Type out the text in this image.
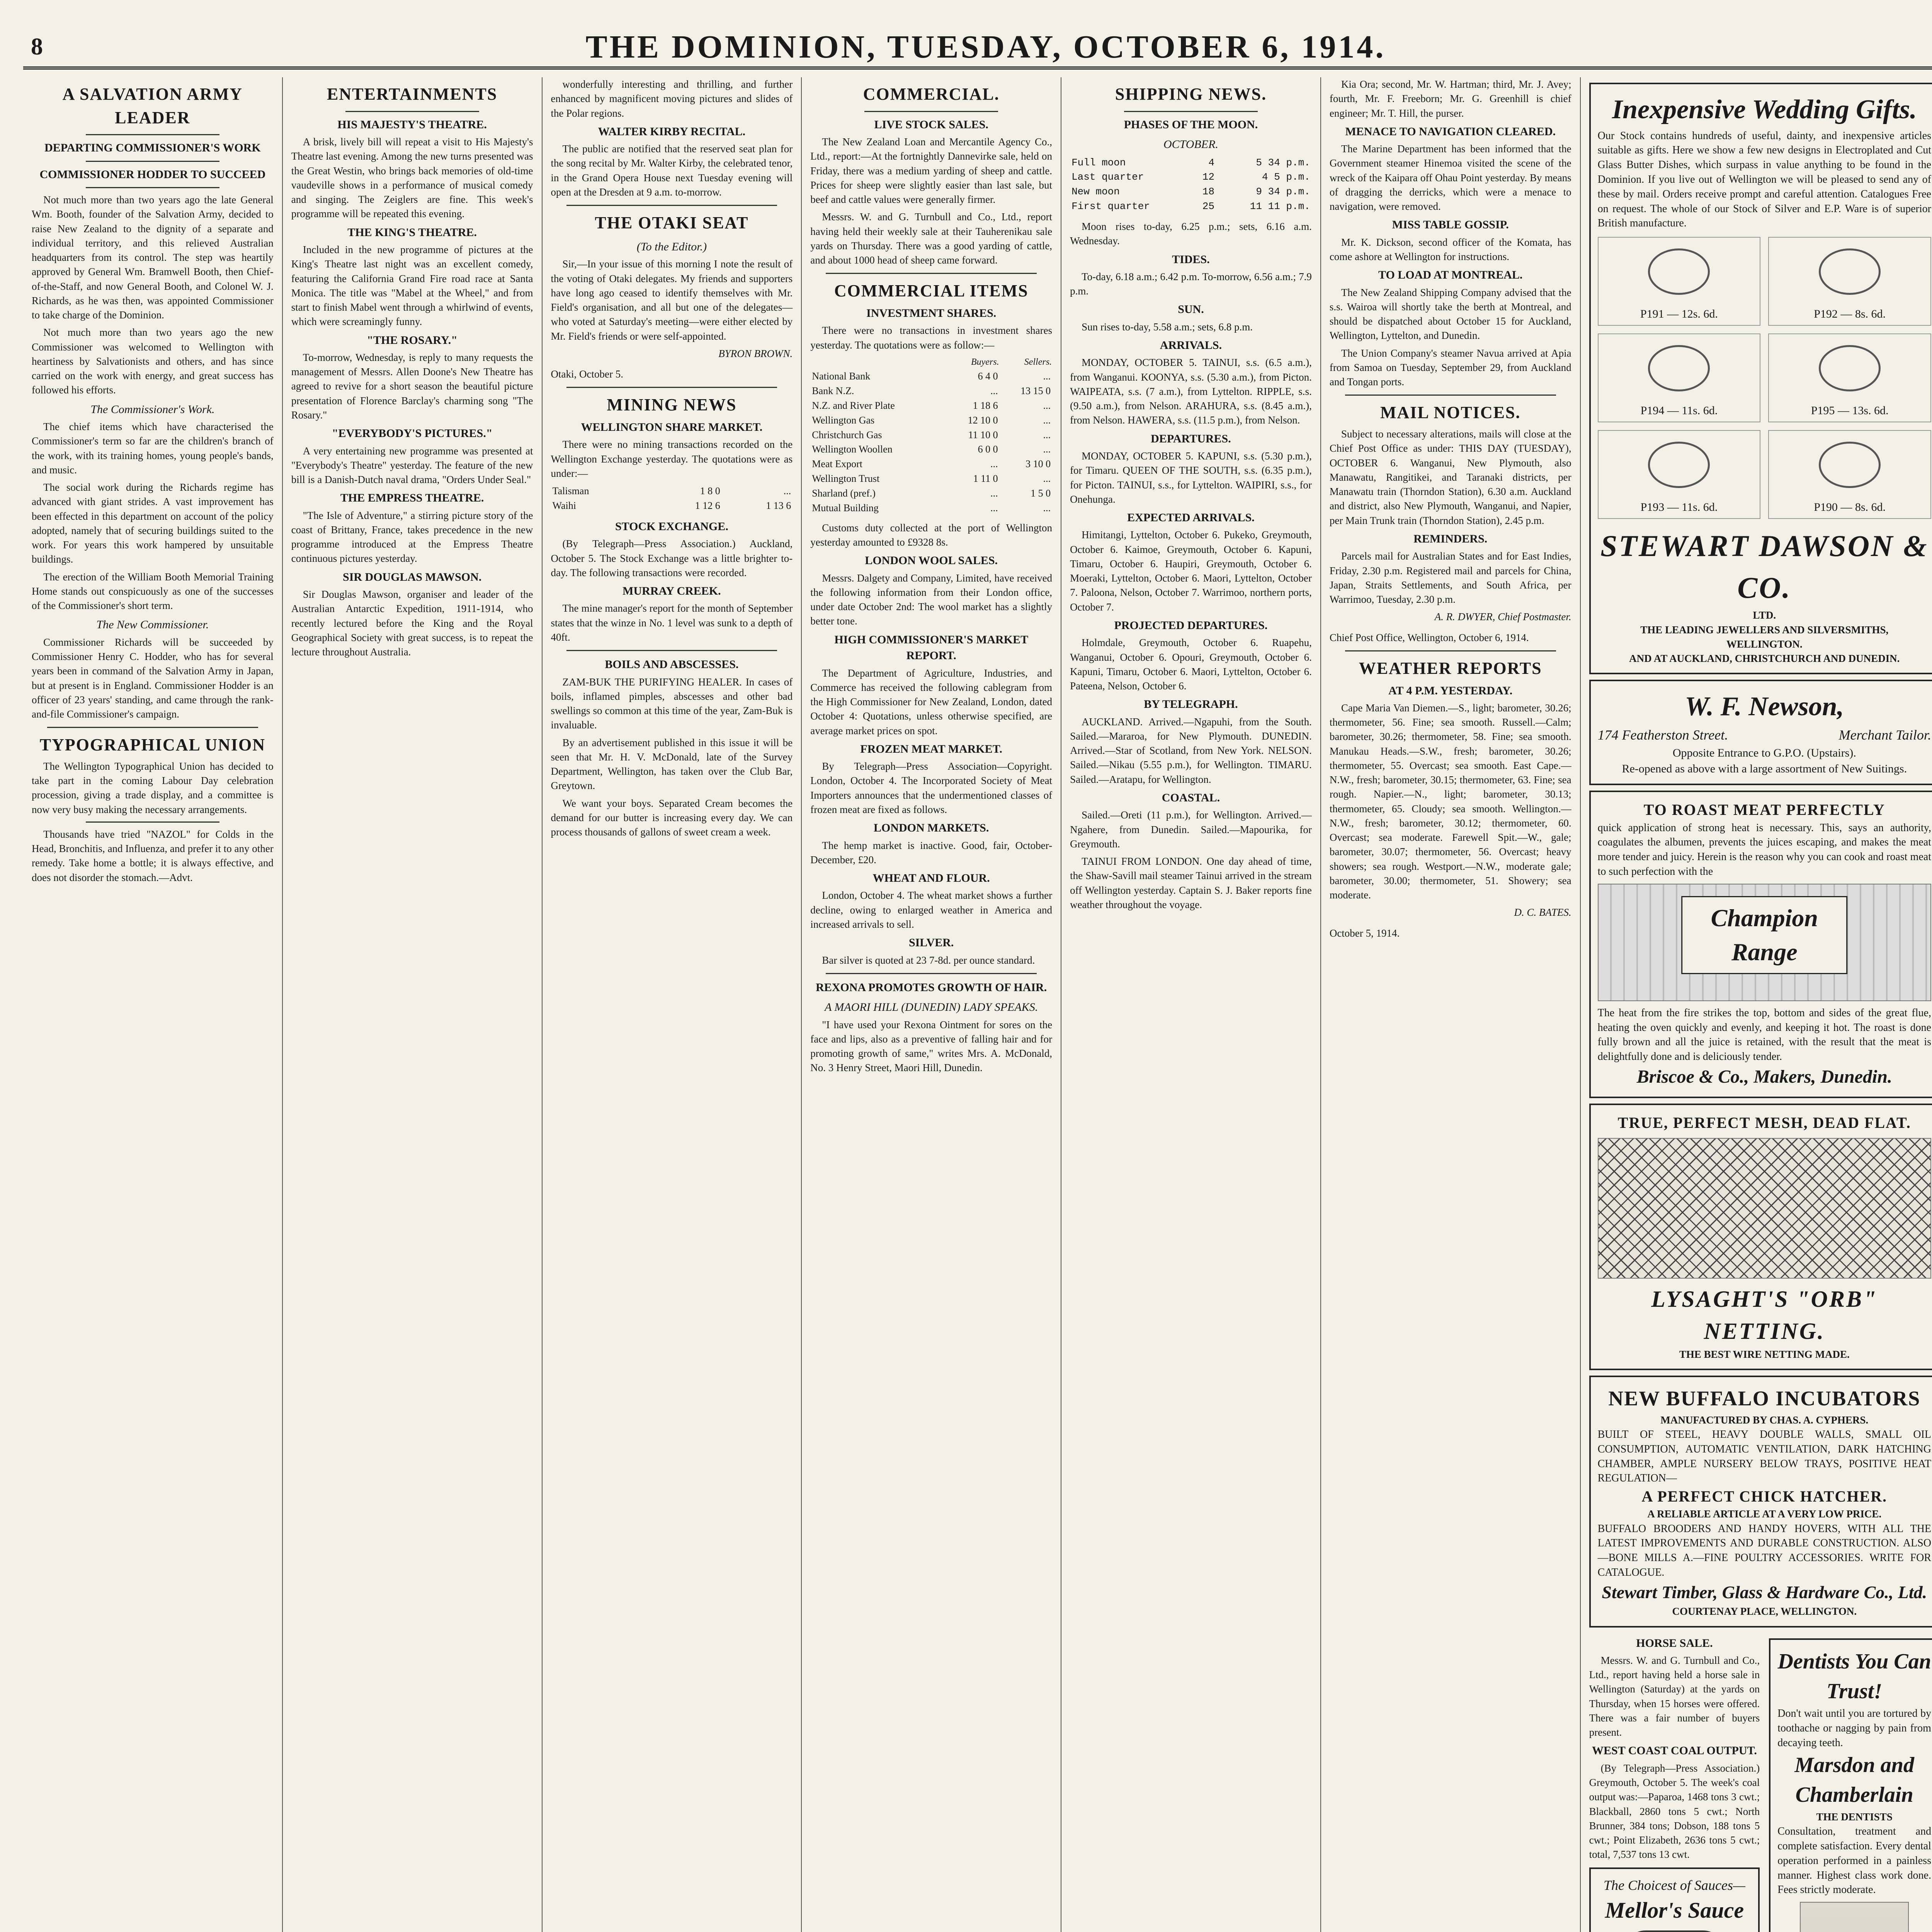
8	THE DOMINION, TUESDAY, OCTOBER 6, 1914.
A SALVATION ARMY LEADER
DEPARTING COMMISSIONER'S WORK
COMMISSIONER HODDER TO SUCCEED

Not much more than two years ago the late General Wm. Booth, founder of the Salvation Army, decided to raise New Zealand to the dignity of a separate and individual territory, and this relieved Australian headquarters from its control. The step was heartily approved by General Wm. Bramwell Booth, then Chief-of-the-Staff, and now General Booth, and Colonel W. J. Richards, as he was then, was appointed Commissioner to take charge of the Dominion.

Not much more than two years ago the new Commissioner was welcomed to Wellington with heartiness by Salvationists and others, and has since carried on the work with energy, and great success has followed his efforts.

The Commissioner's Work.

The chief items which have characterised the Commissioner's term so far are the children's branch of the work, with its training homes, young people's bands, and music.

The social work during the Richards regime has advanced with giant strides. A vast improvement has been effected in this department on account of the policy adopted, namely that of securing buildings suited to the work. For years this work hampered by unsuitable buildings.

The erection of the William Booth Memorial Training Home stands out conspicuously as one of the successes of the Commissioner's short term.

The New Commissioner.

Commissioner Richards will be succeeded by Commissioner Henry C. Hodder, who has for several years been in command of the Salvation Army in Japan, but at present is in England. Commissioner Hodder is an officer of 23 years' standing, and came through the rank-and-file Commissioner's campaign.

TYPOGRAPHICAL UNION

The Wellington Typographical Union has decided to take part in the coming Labour Day celebration procession, giving a trade display, and a committee is now very busy making the necessary arrangements.

Thousands have tried "NAZOL" for Colds in the Head, Bronchitis, and Influenza, and prefer it to any other remedy. Take home a bottle; it is always effective, and does not disorder the stomach.—Advt.

ENTERTAINMENTS
HIS MAJESTY'S THEATRE.

A brisk, lively bill will repeat a visit to His Majesty's Theatre last evening. Among the new turns presented was the Great Westin, who brings back memories of old-time vaudeville shows in a performance of musical comedy and singing. The Zeiglers are fine. This week's programme will be repeated this evening.

THE KING'S THEATRE.

Included in the new programme of pictures at the King's Theatre last night was an excellent comedy, featuring the California Grand Fire road race at Santa Monica. The title was "Mabel at the Wheel," and from start to finish Mabel went through a whirlwind of events, which were screamingly funny.

"THE ROSARY."

To-morrow, Wednesday, is reply to many requests the management of Messrs. Allen Doone's New Theatre has agreed to revive for a short season the beautiful picture presentation of Florence Barclay's charming song "The Rosary."

"EVERYBODY'S PICTURES."

A very entertaining new programme was presented at "Everybody's Theatre" yesterday. The feature of the new bill is a Danish-Dutch naval drama, "Orders Under Seal."

THE EMPRESS THEATRE.

"The Isle of Adventure," a stirring picture story of the coast of Brittany, France, takes precedence in the new programme introduced at the Empress Theatre continuous pictures yesterday.

SIR DOUGLAS MAWSON.

Sir Douglas Mawson, organiser and leader of the Australian Antarctic Expedition, 1911-1914, who recently lectured before the King and the Royal Geographical Society with great success, is to repeat the lecture throughout Australia.

wonderfully interesting and thrilling, and further enhanced by magnificent moving pictures and slides of the Polar regions.

WALTER KIRBY RECITAL.

The public are notified that the reserved seat plan for the song recital by Mr. Walter Kirby, the celebrated tenor, in the Grand Opera House next Tuesday evening will open at the Dresden at 9 a.m. to-morrow.

THE OTAKI SEAT
(To the Editor.)

Sir,—In your issue of this morning I note the result of the voting of Otaki delegates. My friends and supporters have long ago ceased to identify themselves with Mr. Field's organisation, and all but one of the delegates—who voted at Saturday's meeting—were either elected by Mr. Field's friends or were self-appointed.

BYRON BROWN.
Otaki, October 5.
MINING NEWS
WELLINGTON SHARE MARKET.

There were no mining transactions recorded on the Wellington Exchange yesterday. The quotations were as under:—

Talisman	1 8 0	...
Waihi	1 12 6	1 13 6
STOCK EXCHANGE.

(By Telegraph—Press Association.) Auckland, October 5. The Stock Exchange was a little brighter to-day. The following transactions were recorded.

MURRAY CREEK.

The mine manager's report for the month of September states that the winze in No. 1 level was sunk to a depth of 40ft.

BOILS AND ABSCESSES.

ZAM-BUK THE PURIFYING HEALER. In cases of boils, inflamed pimples, abscesses and other bad swellings so common at this time of the year, Zam-Buk is invaluable.

By an advertisement published in this issue it will be seen that Mr. H. V. McDonald, late of the Survey Department, Wellington, has taken over the Club Bar, Greytown.

We want your boys. Separated Cream becomes the demand for our butter is increasing every day. We can process thousands of gallons of sweet cream a week.

COMMERCIAL.
LIVE STOCK SALES.

The New Zealand Loan and Mercantile Agency Co., Ltd., report:—At the fortnightly Dannevirke sale, held on Friday, there was a medium yarding of sheep and cattle. Prices for sheep were slightly easier than last sale, but beef and cattle values were generally firmer.

Messrs. W. and G. Turnbull and Co., Ltd., report having held their weekly sale at their Tauherenikau sale yards on Thursday. There was a good yarding of cattle, and about 1000 head of sheep came forward.

COMMERCIAL ITEMS
INVESTMENT SHARES.

There were no transactions in investment shares yesterday. The quotations were as follow:—

	Buyers.	Sellers.
National Bank	6 4 0	...
Bank N.Z.	...	13 15 0
N.Z. and River Plate	1 18 6	...
Wellington Gas	12 10 0	...
Christchurch Gas	11 10 0	...
Wellington Woollen	6 0 0	...
Meat Export	...	3 10 0
Wellington Trust	1 11 0	...
Sharland (pref.)	...	1 5 0
Mutual Building	...	...

Customs duty collected at the port of Wellington yesterday amounted to £9328 8s.

LONDON WOOL SALES.

Messrs. Dalgety and Company, Limited, have received the following information from their London office, under date October 2nd: The wool market has a slightly better tone.

HIGH COMMISSIONER'S MARKET REPORT.

The Department of Agriculture, Industries, and Commerce has received the following cablegram from the High Commissioner for New Zealand, London, dated October 4: Quotations, unless otherwise specified, are average market prices on spot.

FROZEN MEAT MARKET.

By Telegraph—Press Association—Copyright. London, October 4. The Incorporated Society of Meat Importers announces that the undermentioned classes of frozen meat are fixed as follows.

LONDON MARKETS.

The hemp market is inactive. Good, fair, October-December, £20.

WHEAT AND FLOUR.

London, October 4. The wheat market shows a further decline, owing to enlarged weather in America and increased arrivals to sell.

SILVER.

Bar silver is quoted at 23 7-8d. per ounce standard.

REXONA PROMOTES GROWTH OF HAIR.
A MAORI HILL (DUNEDIN) LADY SPEAKS.

"I have used your Rexona Ointment for sores on the face and lips, also as a preventive of falling hair and for promoting growth of same," writes Mrs. A. McDonald, No. 3 Henry Street, Maori Hill, Dunedin.

SHIPPING NEWS.
PHASES OF THE MOON.
OCTOBER.
Full moon	4	5 34 p.m.
Last quarter	12	4 5 p.m.
New moon	18	9 34 p.m.
First quarter	25	11 11 p.m.

Moon rises to-day, 6.25 p.m.; sets, 6.16 a.m. Wednesday.

TIDES.

To-day, 6.18 a.m.; 6.42 p.m. To-morrow, 6.56 a.m.; 7.9 p.m.

SUN.

Sun rises to-day, 5.58 a.m.; sets, 6.8 p.m.

ARRIVALS.

MONDAY, OCTOBER 5. TAINUI, s.s. (6.5 a.m.), from Wanganui. KOONYA, s.s. (5.30 a.m.), from Picton. WAIPEATA, s.s. (7 a.m.), from Lyttelton. RIPPLE, s.s. (9.50 a.m.), from Nelson. ARAHURA, s.s. (8.45 a.m.), from Nelson. HAWERA, s.s. (11.5 p.m.), from Nelson.

DEPARTURES.

MONDAY, OCTOBER 5. KAPUNI, s.s. (5.30 p.m.), for Timaru. QUEEN OF THE SOUTH, s.s. (6.35 p.m.), for Picton. TAINUI, s.s., for Lyttelton. WAIPIRI, s.s., for Onehunga.

EXPECTED ARRIVALS.

Himitangi, Lyttelton, October 6. Pukeko, Greymouth, October 6. Kaimoe, Greymouth, October 6. Kapuni, Timaru, October 6. Haupiri, Greymouth, October 6. Moeraki, Lyttelton, October 6. Maori, Lyttelton, October 7. Paloona, Nelson, October 7. Warrimoo, northern ports, October 7.

PROJECTED DEPARTURES.

Holmdale, Greymouth, October 6. Ruapehu, Wanganui, October 6. Opouri, Greymouth, October 6. Kapuni, Timaru, October 6. Maori, Lyttelton, October 6. Pateena, Nelson, October 6.

BY TELEGRAPH.

AUCKLAND. Arrived.—Ngapuhi, from the South. Sailed.—Mararoa, for New Plymouth. DUNEDIN. Arrived.—Star of Scotland, from New York. NELSON. Sailed.—Nikau (5.55 p.m.), for Wellington. TIMARU. Sailed.—Aratapu, for Wellington.

COASTAL.

Sailed.—Oreti (11 p.m.), for Wellington. Arrived.—Ngahere, from Dunedin. Sailed.—Mapourika, for Greymouth.

TAINUI FROM LONDON. One day ahead of time, the Shaw-Savill mail steamer Tainui arrived in the stream off Wellington yesterday. Captain S. J. Baker reports fine weather throughout the voyage.

Kia Ora; second, Mr. W. Hartman; third, Mr. J. Avey; fourth, Mr. F. Freeborn; Mr. G. Greenhill is chief engineer; Mr. T. Hill, the purser.

MENACE TO NAVIGATION CLEARED.

The Marine Department has been informed that the Government steamer Hinemoa visited the scene of the wreck of the Kaipara off Ohau Point yesterday. By means of dragging the derricks, which were a menace to navigation, were removed.

MISS TABLE GOSSIP.

Mr. K. Dickson, second officer of the Komata, has come ashore at Wellington for instructions.

TO LOAD AT MONTREAL.

The New Zealand Shipping Company advised that the s.s. Wairoa will shortly take the berth at Montreal, and should be dispatched about October 15 for Auckland, Wellington, Lyttelton, and Dunedin.

The Union Company's steamer Navua arrived at Apia from Samoa on Tuesday, September 29, from Auckland and Tongan ports.

MAIL NOTICES.

Subject to necessary alterations, mails will close at the Chief Post Office as under: THIS DAY (TUESDAY), OCTOBER 6. Wanganui, New Plymouth, also Manawatu, Rangitikei, and Taranaki districts, per Manawatu train (Thorndon Station), 6.30 a.m. Auckland and district, also New Plymouth, Wanganui, and Napier, per Main Trunk train (Thorndon Station), 2.45 p.m.

REMINDERS.

Parcels mail for Australian States and for East Indies, Friday, 2.30 p.m. Registered mail and parcels for China, Japan, Straits Settlements, and South Africa, per Warrimoo, Tuesday, 2.30 p.m.

A. R. DWYER, Chief Postmaster.
Chief Post Office, Wellington, October 6, 1914.
WEATHER REPORTS
AT 4 P.M. YESTERDAY.

Cape Maria Van Diemen.—S., light; barometer, 30.26; thermometer, 56. Fine; sea smooth. Russell.—Calm; barometer, 30.26; thermometer, 58. Fine; sea smooth. Manukau Heads.—S.W., fresh; barometer, 30.26; thermometer, 55. Overcast; sea smooth. East Cape.—N.W., fresh; barometer, 30.15; thermometer, 63. Fine; sea rough. Napier.—N., light; barometer, 30.13; thermometer, 65. Cloudy; sea smooth. Wellington.—N.W., fresh; barometer, 30.12; thermometer, 60. Overcast; sea moderate. Farewell Spit.—W., gale; barometer, 30.07; thermometer, 56. Overcast; heavy showers; sea rough. Westport.—N.W., moderate gale; barometer, 30.00; thermometer, 51. Showery; sea moderate.

D. C. BATES.
October 5, 1914.
Inexpensive Wedding Gifts.
Our Stock contains hundreds of useful, dainty, and inexpensive articles suitable as gifts. Here we show a few new designs in Electroplated and Cut Glass Butter Dishes, which surpass in value anything to be found in the Dominion. If you live out of Wellington we will be pleased to send any of these by mail. Orders receive prompt and careful attention. Catalogues Free on request. The whole of our Stock of Silver and E.P. Ware is of superior British manufacture.
P191 — 12s. 6d.	P192 — 8s. 6d.
P194 — 11s. 6d.	P195 — 13s. 6d.
P193 — 11s. 6d.	P190 — 8s. 6d.
STEWART DAWSON & CO.
LTD.
THE LEADING JEWELLERS AND SILVERSMITHS,
WELLINGTON.
AND AT AUCKLAND, CHRISTCHURCH AND DUNEDIN.
W. F. Newson,
174 Featherston Street.	Merchant Tailor.
Opposite Entrance to G.P.O. (Upstairs).
Re-opened as above with a large assortment of New Suitings.
TO ROAST MEAT PERFECTLY
quick application of strong heat is necessary. This, says an authority, coagulates the albumen, prevents the juices escaping, and makes the meat more tender and juicy. Herein is the reason why you can cook and roast meat to such perfection with the
Champion Range
The heat from the fire strikes the top, bottom and sides of the great flue, heating the oven quickly and evenly, and keeping it hot. The roast is done fully brown and all the juice is retained, with the result that the meat is delightfully done and is deliciously tender.
Briscoe & Co., Makers, Dunedin.
TRUE, PERFECT MESH, DEAD FLAT.
LYSAGHT'S "ORB" NETTING.
THE BEST WIRE NETTING MADE.
NEW BUFFALO INCUBATORS
MANUFACTURED BY CHAS. A. CYPHERS.
BUILT OF STEEL, HEAVY DOUBLE WALLS, SMALL OIL CONSUMPTION, AUTOMATIC VENTILATION, DARK HATCHING CHAMBER, AMPLE NURSERY BELOW TRAYS, POSITIVE HEAT REGULATION—
A PERFECT CHICK HATCHER.
A RELIABLE ARTICLE AT A VERY LOW PRICE.
BUFFALO BROODERS AND HANDY HOVERS, WITH ALL THE LATEST IMPROVEMENTS AND DURABLE CONSTRUCTION. ALSO—BONE MILLS A.—FINE POULTRY ACCESSORIES. WRITE FOR CATALOGUE.
Stewart Timber, Glass & Hardware Co., Ltd.
COURTENAY PLACE, WELLINGTON.
HORSE SALE.

Messrs. W. and G. Turnbull and Co., Ltd., report having held a horse sale in Wellington (Saturday) at the yards on Thursday, when 15 horses were offered. There was a fair number of buyers present.

WEST COAST COAL OUTPUT.

(By Telegraph—Press Association.) Greymouth, October 5. The week's coal output was:—Paparoa, 1468 tons 3 cwt.; Blackball, 2860 tons 5 cwt.; North Brunner, 384 tons; Dobson, 188 tons 5 cwt.; Point Elizabeth, 2636 tons 5 cwt.; total, 7,537 tons 13 cwt.

The Choicest of Sauces—
Mellor's Sauce
Dentists You Can Trust!
Don't wait until you are tortured by toothache or nagging by pain from decaying teeth.
Marsdon and Chamberlain
THE DENTISTS
Consultation, treatment and complete satisfaction. Every dental operation performed in a painless manner. Highest class work done. Fees strictly moderate.
